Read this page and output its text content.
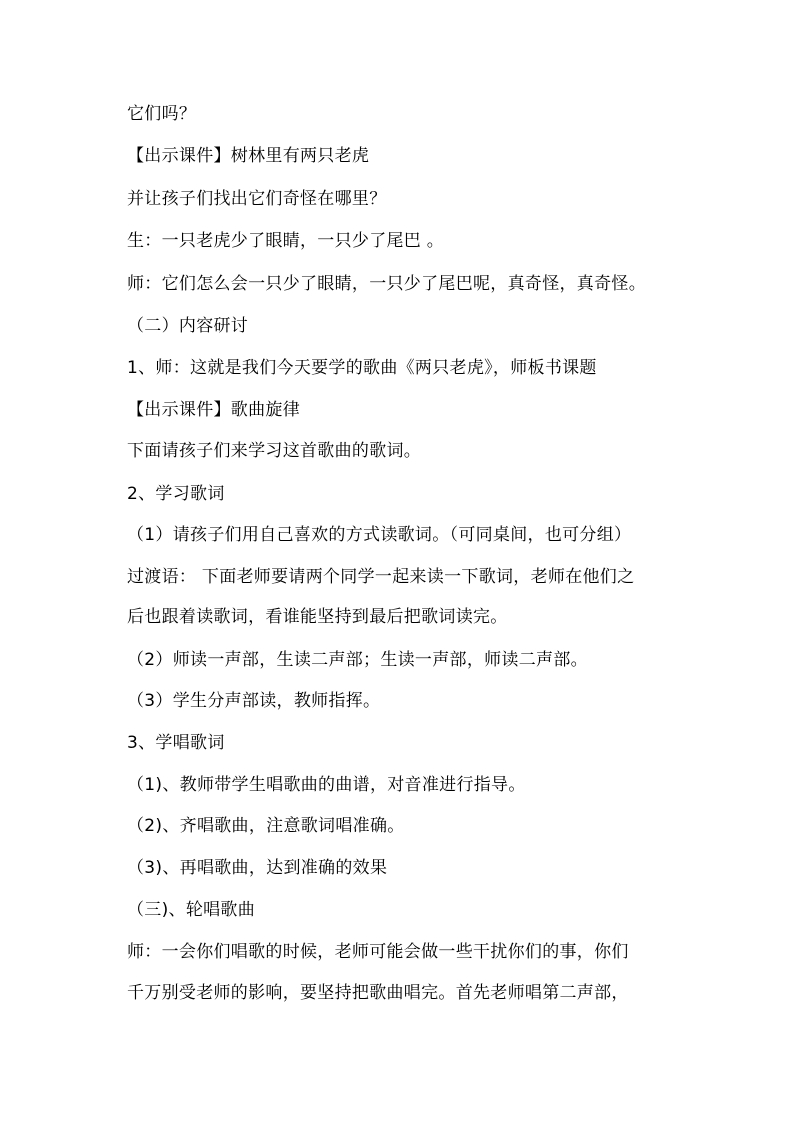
它们吗？
【出示课件】树林里有两只老虎
并让孩子们找出它们奇怪在哪里？
生：一只老虎少了眼睛，一只少了尾巴 。
师：它们怎么会一只少了眼睛，一只少了尾巴呢，真奇怪，真奇怪。
（二）内容研讨
1、师：这就是我们今天要学的歌曲《两只老虎》，师板书课题
【出示课件】歌曲旋律
下面请孩子们来学习这首歌曲的歌词。
2、学习歌词
（1）请孩子们用自己喜欢的方式读歌词。（可同桌间，也可分组）
过渡语： 下面老师要请两个同学一起来读一下歌词，老师在他们之
后也跟着读歌词，看谁能坚持到最后把歌词读完。
（2）师读一声部，生读二声部；生读一声部，师读二声部。
（3）学生分声部读，教师指挥。
3、学唱歌词
（1)、教师带学生唱歌曲的曲谱，对音准进行指导。
（2)、齐唱歌曲，注意歌词唱准确。
（3)、再唱歌曲，达到准确的效果
（三)、轮唱歌曲
师：一会你们唱歌的时候，老师可能会做一些干扰你们的事，你们
千万别受老师的影响，要坚持把歌曲唱完。首先老师唱第二声部，
